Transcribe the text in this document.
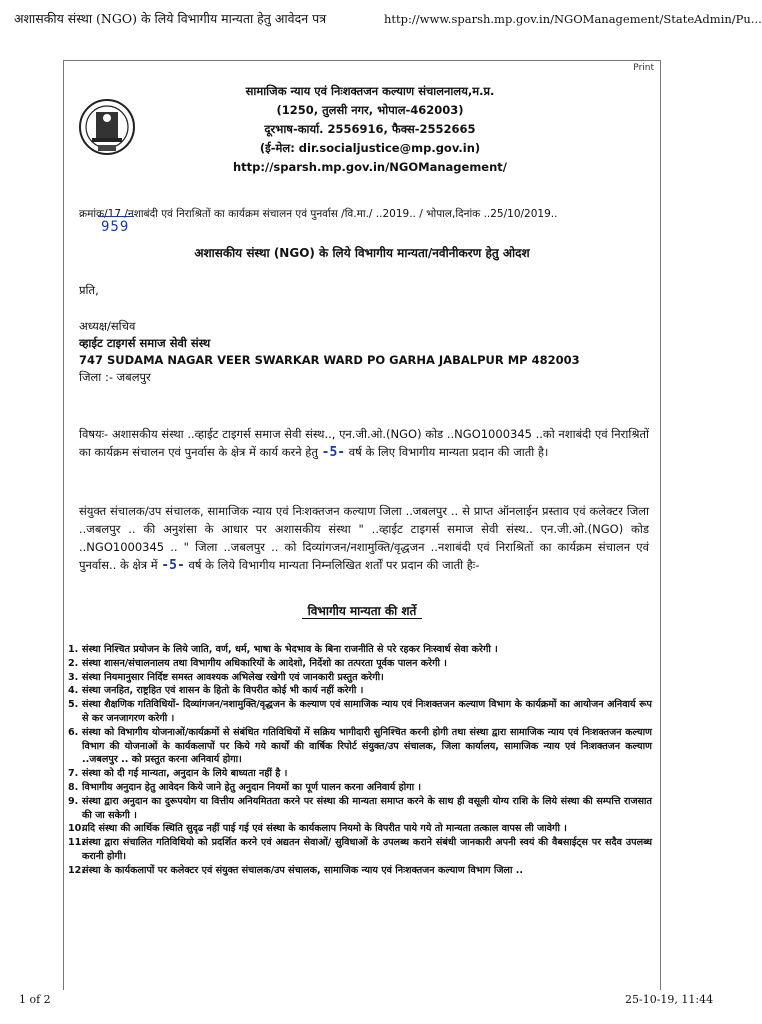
अशासकीय संस्था (NGO) के लिये विभागीय मान्यता हेतु आवेदन पत्र	http://www.sparsh.mp.gov.in/NGOManagement/StateAdmin/Pu...
Print
सामाजिक न्याय एवं निःशक्तजन कल्याण संचालनालय,म.प्र.
(1250, तुलसी नगर, भोपाल-462003)
दूरभाष-कार्या. 2556916, फैक्स-2552665
(ई-मेल: dir.socialjustice@mp.gov.in)
http://sparsh.mp.gov.in/NGOManagement/
क्रमांक/17 /नशाबंदी एवं निराश्रितों का कार्यक्रम संचालन एवं पुनर्वास /वि.मा./ ..2019.. / भोपाल,दिनांक ..25/10/2019..
959
अशासकीय संस्था (NGO) के लिये विभागीय मान्यता/नवीनीकरण हेतु ओदश
प्रति,
अध्यक्ष/सचिव
व्हाईट टाइगर्स समाज सेवी संस्थ
747 SUDAMA NAGAR VEER SWARKAR WARD PO GARHA JABALPUR MP 482003
जिला :- जबलपुर
विषयः- अशासकीय संस्था ..व्हाईट टाइगर्स समाज सेवी संस्थ.., एन.जी.ओ.(NGO) कोड ..NGO1000345 ..को नशाबंदी एवं निराश्रितों का कार्यक्रम संचालन एवं पुनर्वास के क्षेत्र में कार्य करने हेतु -5- वर्ष के लिए विभागीय मान्यता प्रदान की जाती है।
संयुक्त संचालक/उप संचालक, सामाजिक न्याय एवं निःशक्तजन कल्याण जिला ..जबलपुर .. से प्राप्त ऑनलाईन प्रस्ताव एवं कलेक्टर जिला ..जबलपुर .. की अनुशंसा के आधार पर अशासकीय संस्था " ..व्हाईट टाइगर्स समाज सेवी संस्थ.. एन.जी.ओ.(NGO) कोड ..NGO1000345 .. " जिला ..जबलपुर .. को दिव्यांगजन/नशामुक्ति/वृद्धजन ..नशाबंदी एवं निराश्रितों का कार्यक्रम संचालन एवं पुनर्वास.. के क्षेत्र में -5- वर्ष के लिये विभागीय मान्यता निम्नलिखित शर्तों पर प्रदान की जाती हैः-
विभागीय मान्यता की शर्ते
1. संस्था निश्चित प्रयोजन के लिये जाति, वर्ण, धर्म, भाषा के भेदभाव के बिना राजनीति से परे रहकर निःस्वार्थ सेवा करेगी ।
2. संस्था शासन/संचालनालय तथा विभागीय अधिकारियों के आदेशो, निर्देशो का तत्परता पूर्वक पालन करेगी ।
3. संस्था नियमानुसार निर्दिष्ट समस्त आवश्यक अभिलेख रखेगी एवं जानकारी प्रस्तुत करेगी।
4. संस्था जनहित, राष्ट्रहित एवं शासन के हितो के विपरीत कोई भी कार्य नहीं करेगी ।
5. संस्था शैक्षणिक गतिविधियों- दिव्यांगजन/नशामुक्ति/वृद्धजन के कल्याण एवं सामाजिक न्याय एवं निःशक्तजन कल्याण विभाग के कार्यक्रमों का आयोजन अनिवार्य रूप से कर जनजागरण करेगी ।
6. संस्था को विभागीय योजनाओं/कार्यक्रमों से संबंधित गतिविधियों में सक्रिय भागीदारी सुनिश्चित करनी होगी तथा संस्था द्वारा सामाजिक न्याय एवं निःशक्तजन कल्याण विभाग की योजनाओं के कार्यकलापों पर किये गये कार्यों की वार्षिक रिपोर्ट संयुक्त/उप संचालक, जिला कार्यालय, सामाजिक न्याय एवं निःशक्तजन कल्याण ..जबलपुर .. को प्रस्तुत करना अनिवार्य होगा।
7. संस्था को दी गई मान्यता, अनुदान के लिये बाध्यता नहीं है ।
8. विभागीय अनुदान हेतु आवेदन किये जाने हेतु अनुदान नियमों का पूर्ण पालन करना अनिवार्य होगा ।
9. संस्था द्वारा अनुदान का दुरूपयोग या वित्तीय अनियमितता करने पर संस्था की मान्यता समाप्त करने के साथ ही वसूली योग्य राशि के लिये संस्था की सम्पत्ति राजसात की जा सकेगी ।
10.
यदि संस्था की आर्थिक स्थिति सुदृढ नहीं पाई गई एवं संस्था के कार्यकलाप नियमो के विपरीत पाये गये तो मान्यता तत्काल वापस ली जावेगी ।
11.
संस्था द्वारा संचालित गतिविधियो को प्रदर्शित करने एवं अद्यतन सेवाओं/ सुविधाओं के उपलब्ध कराने संबंधी जानकारी अपनी स्वयं की वैबसाईट्स पर सदैव उपलब्ध करानी होगी।
12.
संस्था के कार्यकलापों पर कलेक्टर एवं संयुक्त संचालक/उप संचालक, सामाजिक न्याय एवं निःशक्तजन कल्याण विभाग जिला ..
1 of 2	25-10-19, 11:44
